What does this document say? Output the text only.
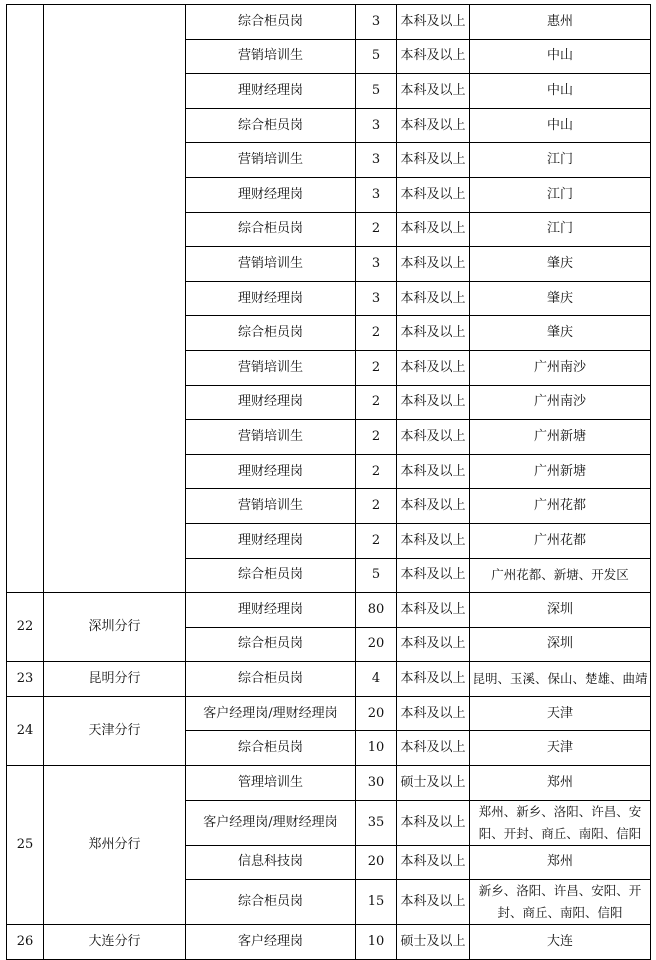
		综合柜员岗	3	本科及以上	惠州
		营销培训生	5	本科及以上	中山
		理财经理岗	5	本科及以上	中山
		综合柜员岗	3	本科及以上	中山
		营销培训生	3	本科及以上	江门
		理财经理岗	3	本科及以上	江门
		综合柜员岗	2	本科及以上	江门
		营销培训生	3	本科及以上	肇庆
		理财经理岗	3	本科及以上	肇庆
		综合柜员岗	2	本科及以上	肇庆
		营销培训生	2	本科及以上	广州南沙
		理财经理岗	2	本科及以上	广州南沙
		营销培训生	2	本科及以上	广州新塘
		理财经理岗	2	本科及以上	广州新塘
		营销培训生	2	本科及以上	广州花都
		理财经理岗	2	本科及以上	广州花都
		综合柜员岗	5	本科及以上	广州花都、新塘、开发区
22	深圳分行	理财经理岗	80	本科及以上	深圳
		综合柜员岗	20	本科及以上	深圳
23	昆明分行	综合柜员岗	4	本科及以上	昆明、玉溪、保山、楚雄、曲靖
24	天津分行	客户经理岗/理财经理岗	20	本科及以上	天津
		综合柜员岗	10	本科及以上	天津
25	郑州分行	管理培训生	30	硕士及以上	郑州
		客户经理岗/理财经理岗	35	本科及以上	郑州、新乡、洛阳、许昌、安阳、开封、商丘、南阳、信阳
		信息科技岗	20	本科及以上	郑州
		综合柜员岗	15	本科及以上	新乡、洛阳、许昌、安阳、开封、商丘、南阳、信阳
26	大连分行	客户经理岗	10	硕士及以上	大连
